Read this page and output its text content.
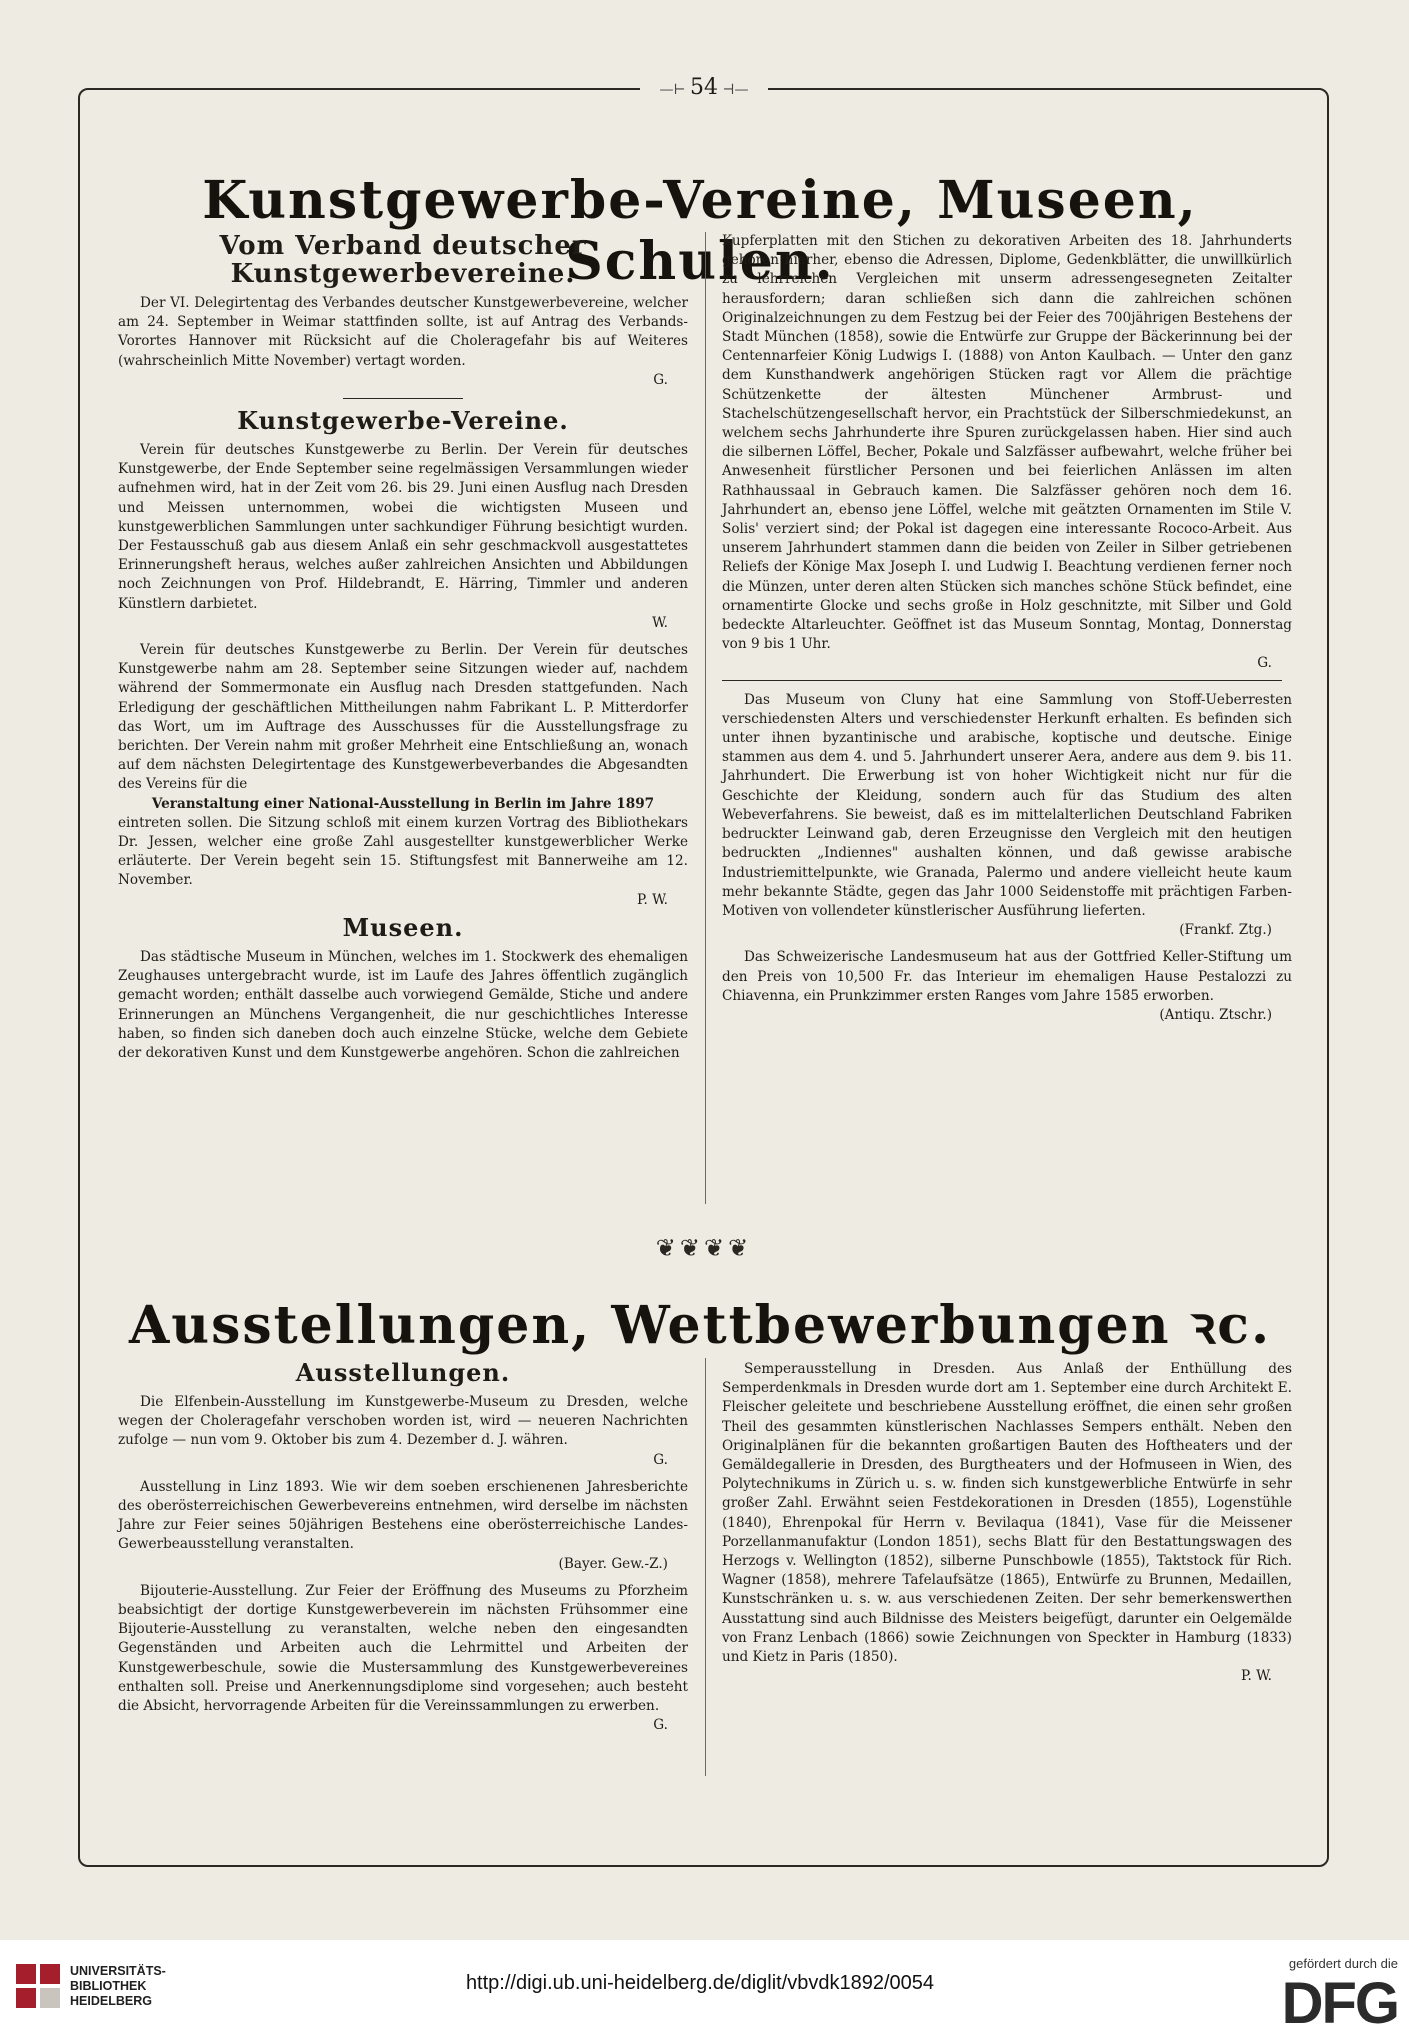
—⊢ 54 ⊣—
Kunstgewerbe-Vereine, Museen, Schulen.
Vom Verband deutscher Kunstgewerbevereine.

Der VI. Delegirtentag des Verbandes deutscher Kunstgewerbevereine, welcher am 24. September in Weimar stattfinden sollte, ist auf Antrag des Verbands-Vorortes Hannover mit Rücksicht auf die Choleragefahr bis auf Weiteres (wahrscheinlich Mitte November) vertagt worden.

G.
Kunstgewerbe-Vereine.

Verein für deutsches Kunstgewerbe zu Berlin. Der Verein für deutsches Kunstgewerbe, der Ende September seine regelmässigen Versammlungen wieder aufnehmen wird, hat in der Zeit vom 26. bis 29. Juni einen Ausflug nach Dresden und Meissen unternommen, wobei die wichtigsten Museen und kunstgewerblichen Sammlungen unter sachkundiger Führung besichtigt wurden. Der Festausschuß gab aus diesem Anlaß ein sehr geschmackvoll ausgestattetes Erinnerungsheft heraus, welches außer zahlreichen Ansichten und Abbildungen noch Zeichnungen von Prof. Hildebrandt, E. Härring, Timmler und anderen Künstlern darbietet.

W.

Verein für deutsches Kunstgewerbe zu Berlin. Der Verein für deutsches Kunstgewerbe nahm am 28. September seine Sitzungen wieder auf, nachdem während der Sommermonate ein Ausflug nach Dresden stattgefunden. Nach Erledigung der geschäftlichen Mittheilungen nahm Fabrikant L. P. Mitterdorfer das Wort, um im Auftrage des Ausschusses für die Ausstellungsfrage zu berichten. Der Verein nahm mit großer Mehrheit eine Entschließung an, wonach auf dem nächsten Delegirtentage des Kunstgewerbeverbandes die Abgesandten des Vereins für die

Veranstaltung einer National-Ausstellung in Berlin im Jahre 1897

eintreten sollen. Die Sitzung schloß mit einem kurzen Vortrag des Bibliothekars Dr. Jessen, welcher eine große Zahl ausgestellter kunstgewerblicher Werke erläuterte. Der Verein begeht sein 15. Stiftungsfest mit Bannerweihe am 12. November.

P. W.
Museen.

Das städtische Museum in München, welches im 1. Stockwerk des ehemaligen Zeughauses untergebracht wurde, ist im Laufe des Jahres öffentlich zugänglich gemacht worden; enthält dasselbe auch vorwiegend Gemälde, Stiche und andere Erinnerungen an Münchens Vergangenheit, die nur geschichtliches Interesse haben, so finden sich daneben doch auch einzelne Stücke, welche dem Gebiete der dekorativen Kunst und dem Kunstgewerbe angehören. Schon die zahlreichen

Kupferplatten mit den Stichen zu dekorativen Arbeiten des 18. Jahrhunderts gehören hierher, ebenso die Adressen, Diplome, Gedenkblätter, die unwillkürlich zu lehrreichen Vergleichen mit unserm adressengesegneten Zeitalter herausfordern; daran schließen sich dann die zahlreichen schönen Originalzeichnungen zu dem Festzug bei der Feier des 700jährigen Bestehens der Stadt München (1858), sowie die Entwürfe zur Gruppe der Bäckerinnung bei der Centennarfeier König Ludwigs I. (1888) von Anton Kaulbach. — Unter den ganz dem Kunsthandwerk angehörigen Stücken ragt vor Allem die prächtige Schützenkette der ältesten Münchener Armbrust- und Stachelschützengesellschaft hervor, ein Prachtstück der Silberschmiedekunst, an welchem sechs Jahrhunderte ihre Spuren zurückgelassen haben. Hier sind auch die silbernen Löffel, Becher, Pokale und Salzfässer aufbewahrt, welche früher bei Anwesenheit fürstlicher Personen und bei feierlichen Anlässen im alten Rathhaussaal in Gebrauch kamen. Die Salzfässer gehören noch dem 16. Jahrhundert an, ebenso jene Löffel, welche mit geätzten Ornamenten im Stile V. Solis' verziert sind; der Pokal ist dagegen eine interessante Rococo-Arbeit. Aus unserem Jahrhundert stammen dann die beiden von Zeiler in Silber getriebenen Reliefs der Könige Max Joseph I. und Ludwig I. Beachtung verdienen ferner noch die Münzen, unter deren alten Stücken sich manches schöne Stück befindet, eine ornamentirte Glocke und sechs große in Holz geschnitzte, mit Silber und Gold bedeckte Altarleuchter. Geöffnet ist das Museum Sonntag, Montag, Donnerstag von 9 bis 1 Uhr.

G.

Das Museum von Cluny hat eine Sammlung von Stoff-Ueberresten verschiedensten Alters und verschiedenster Herkunft erhalten. Es befinden sich unter ihnen byzantinische und arabische, koptische und deutsche. Einige stammen aus dem 4. und 5. Jahrhundert unserer Aera, andere aus dem 9. bis 11. Jahrhundert. Die Erwerbung ist von hoher Wichtigkeit nicht nur für die Geschichte der Kleidung, sondern auch für das Studium des alten Webeverfahrens. Sie beweist, daß es im mittelalterlichen Deutschland Fabriken bedruckter Leinwand gab, deren Erzeugnisse den Vergleich mit den heutigen bedruckten „Indiennes" aushalten können, und daß gewisse arabische Industriemittelpunkte, wie Granada, Palermo und andere vielleicht heute kaum mehr bekannte Städte, gegen das Jahr 1000 Seidenstoffe mit prächtigen Farben-Motiven von vollendeter künstlerischer Ausführung lieferten.

(Frankf. Ztg.)

Das Schweizerische Landesmuseum hat aus der Gottfried Keller-Stiftung um den Preis von 10,500 Fr. das Interieur im ehemaligen Hause Pestalozzi zu Chiavenna, ein Prunkzimmer ersten Ranges vom Jahre 1585 erworben.

(Antiqu. Ztschr.)
❦❦❦❦
Ausstellungen, Wettbewerbungen ꝛc.
Ausstellungen.

Die Elfenbein-Ausstellung im Kunstgewerbe-Museum zu Dresden, welche wegen der Choleragefahr verschoben worden ist, wird — neueren Nachrichten zufolge — nun vom 9. Oktober bis zum 4. Dezember d. J. währen.

G.

Ausstellung in Linz 1893. Wie wir dem soeben erschienenen Jahresberichte des oberösterreichischen Gewerbevereins entnehmen, wird derselbe im nächsten Jahre zur Feier seines 50jährigen Bestehens eine oberösterreichische Landes-Gewerbeausstellung veranstalten.

(Bayer. Gew.-Z.)

Bijouterie-Ausstellung. Zur Feier der Eröffnung des Museums zu Pforzheim beabsichtigt der dortige Kunstgewerbeverein im nächsten Frühsommer eine Bijouterie-Ausstellung zu veranstalten, welche neben den eingesandten Gegenständen und Arbeiten auch die Lehrmittel und Arbeiten der Kunstgewerbeschule, sowie die Mustersammlung des Kunstgewerbevereines enthalten soll. Preise und Anerkennungsdiplome sind vorgesehen; auch besteht die Absicht, hervorragende Arbeiten für die Vereinssammlungen zu erwerben.

G.

Semperausstellung in Dresden. Aus Anlaß der Enthüllung des Semperdenkmals in Dresden wurde dort am 1. September eine durch Architekt E. Fleischer geleitete und beschriebene Ausstellung eröffnet, die einen sehr großen Theil des gesammten künstlerischen Nachlasses Sempers enthält. Neben den Originalplänen für die bekannten großartigen Bauten des Hoftheaters und der Gemäldegallerie in Dresden, des Burgtheaters und der Hofmuseen in Wien, des Polytechnikums in Zürich u. s. w. finden sich kunstgewerbliche Entwürfe in sehr großer Zahl. Erwähnt seien Festdekorationen in Dresden (1855), Logenstühle (1840), Ehrenpokal für Herrn v. Bevilaqua (1841), Vase für die Meissener Porzellanmanufaktur (London 1851), sechs Blatt für den Bestattungswagen des Herzogs v. Wellington (1852), silberne Punschbowle (1855), Taktstock für Rich. Wagner (1858), mehrere Tafelaufsätze (1865), Entwürfe zu Brunnen, Medaillen, Kunstschränken u. s. w. aus verschiedenen Zeiten. Der sehr bemerkenswerthen Ausstattung sind auch Bildnisse des Meisters beigefügt, darunter ein Oelgemälde von Franz Lenbach (1866) sowie Zeichnungen von Speckter in Hamburg (1833) und Kietz in Paris (1850).

P. W.
UNIVERSITÄTS-
BIBLIOTHEK
HEIDELBERG
http://digi.ub.uni-heidelberg.de/diglit/vbvdk1892/0054
gefördert durch die
DFG
